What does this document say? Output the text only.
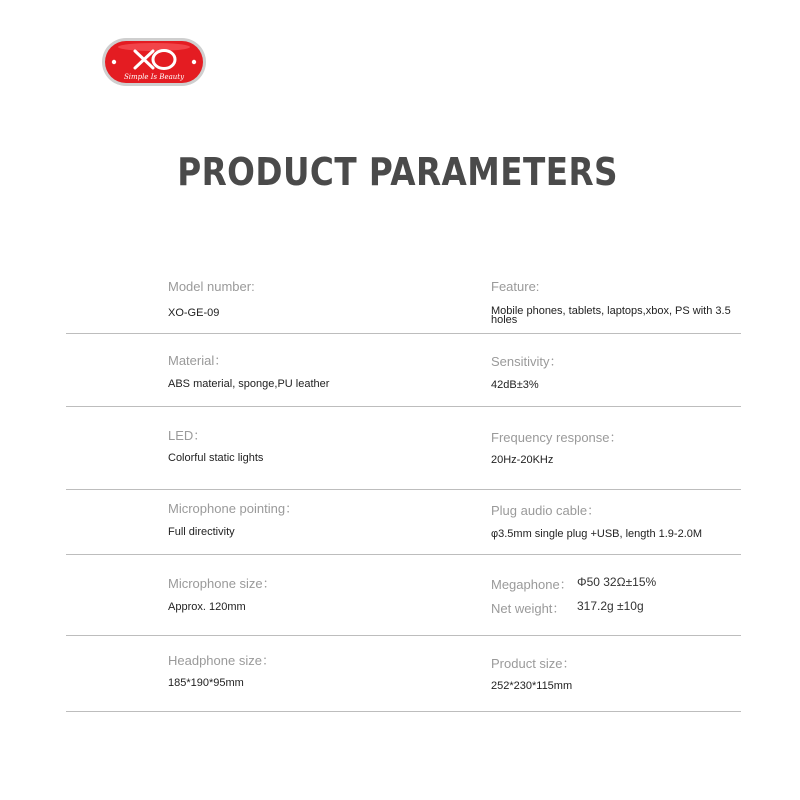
Simple Is Beauty
PRODUCT PARAMETERS
Model number:
XO-GE-09
Feature:
Mobile phones, tablets, laptops,xbox, PS with 3.5 holes
Material：
ABS material, sponge,PU leather
Sensitivity：
42dB±3%
LED：
Colorful static lights
Frequency response：
20Hz-20KHz
Microphone pointing：
Full directivity
Plug audio cable：
φ3.5mm single plug +USB, length 1.9-2.0M
Microphone size：
Approx. 120mm
Megaphone： Φ50 32Ω±15%
Net weight： 317.2g ±10g
Headphone size：
185*190*95mm
Product size：
252*230*115mm
